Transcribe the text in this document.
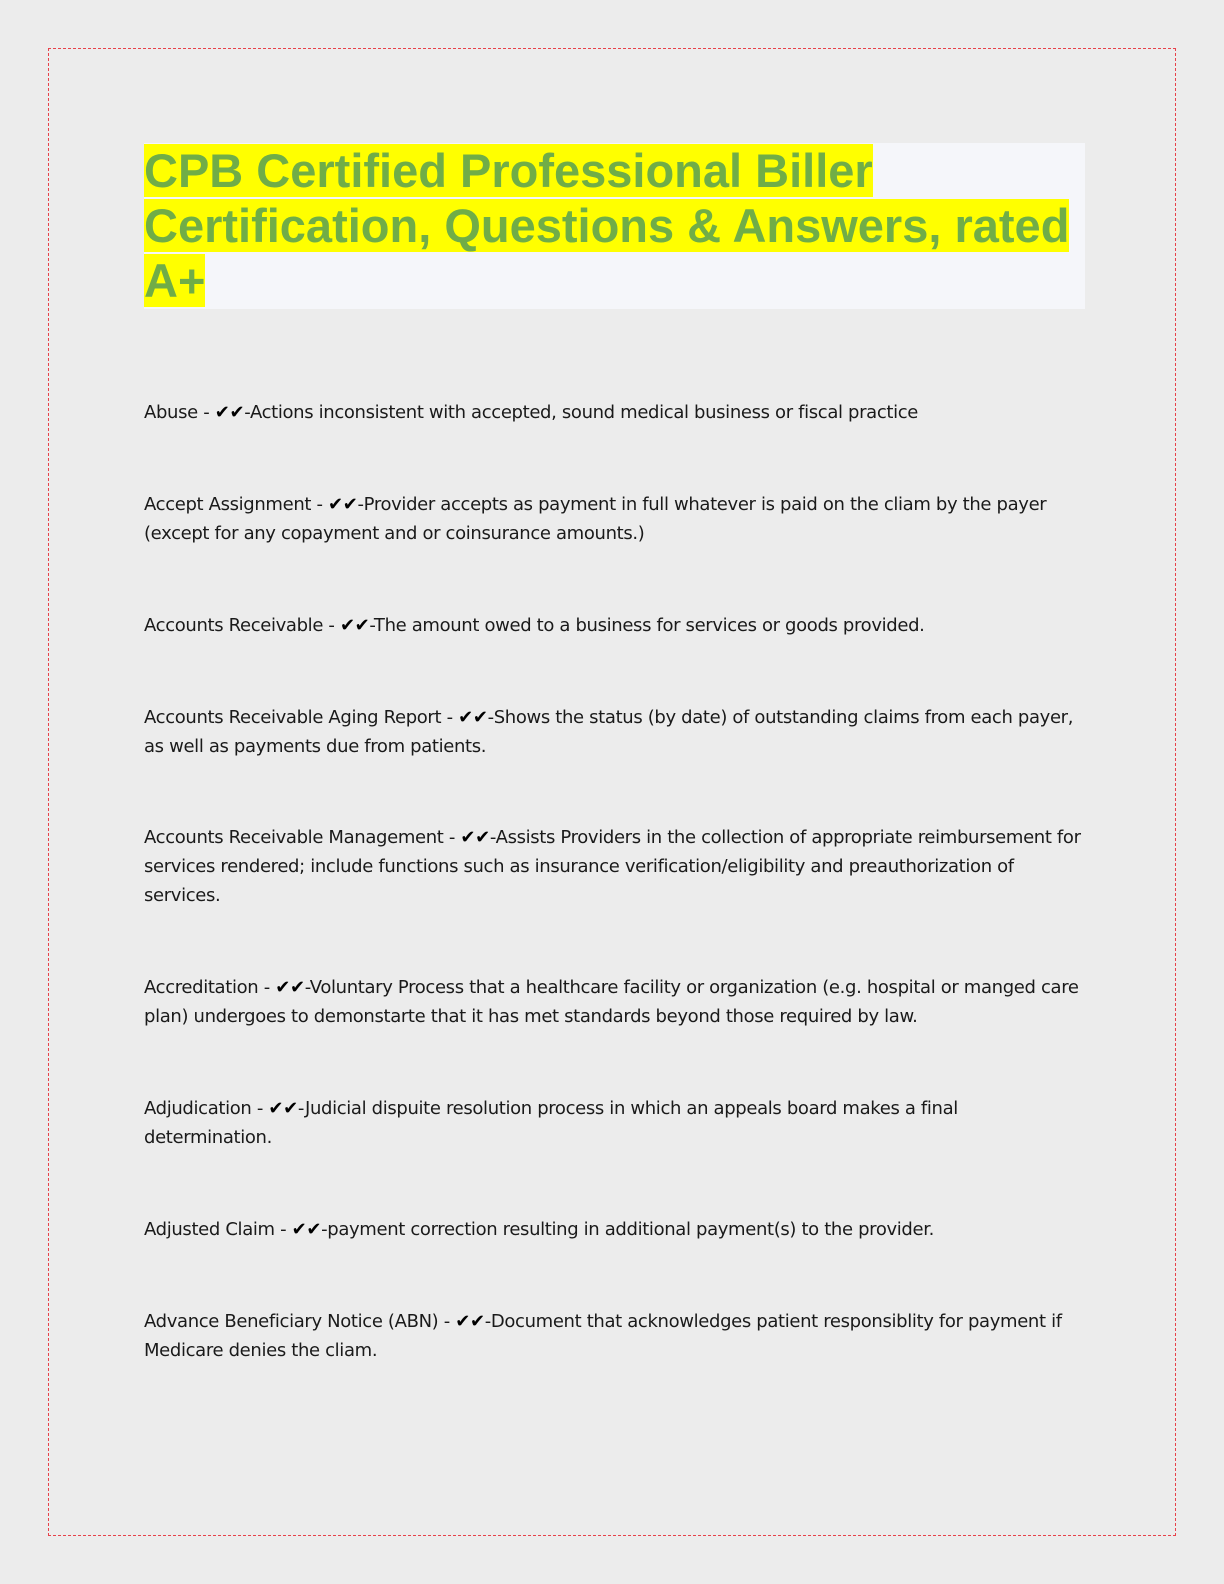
CPB Certified Professional Biller Certification, Questions & Answers, rated A+

Abuse - ✔✔-Actions inconsistent with accepted, sound medical business or fiscal practice

Accept Assignment - ✔✔-Provider accepts as payment in full whatever is paid on the cliam by the payer (except for any copayment and or coinsurance amounts.)

Accounts Receivable - ✔✔-The amount owed to a business for services or goods provided.

Accounts Receivable Aging Report - ✔✔-Shows the status (by date) of outstanding claims from each payer, as well as payments due from patients.

Accounts Receivable Management - ✔✔-Assists Providers in the collection of appropriate reimbursement for services rendered; include functions such as insurance verification/eligibility and preauthorization of services.

Accreditation - ✔✔-Voluntary Process that a healthcare facility or organization (e.g. hospital or manged care plan) undergoes to demonstarte that it has met standards beyond those required by law.

Adjudication - ✔✔-Judicial dispuite resolution process in which an appeals board makes a final determination.

Adjusted Claim - ✔✔-payment correction resulting in additional payment(s) to the provider.

Advance Beneficiary Notice (ABN) - ✔✔-Document that acknowledges patient responsiblity for payment if Medicare denies the cliam.
